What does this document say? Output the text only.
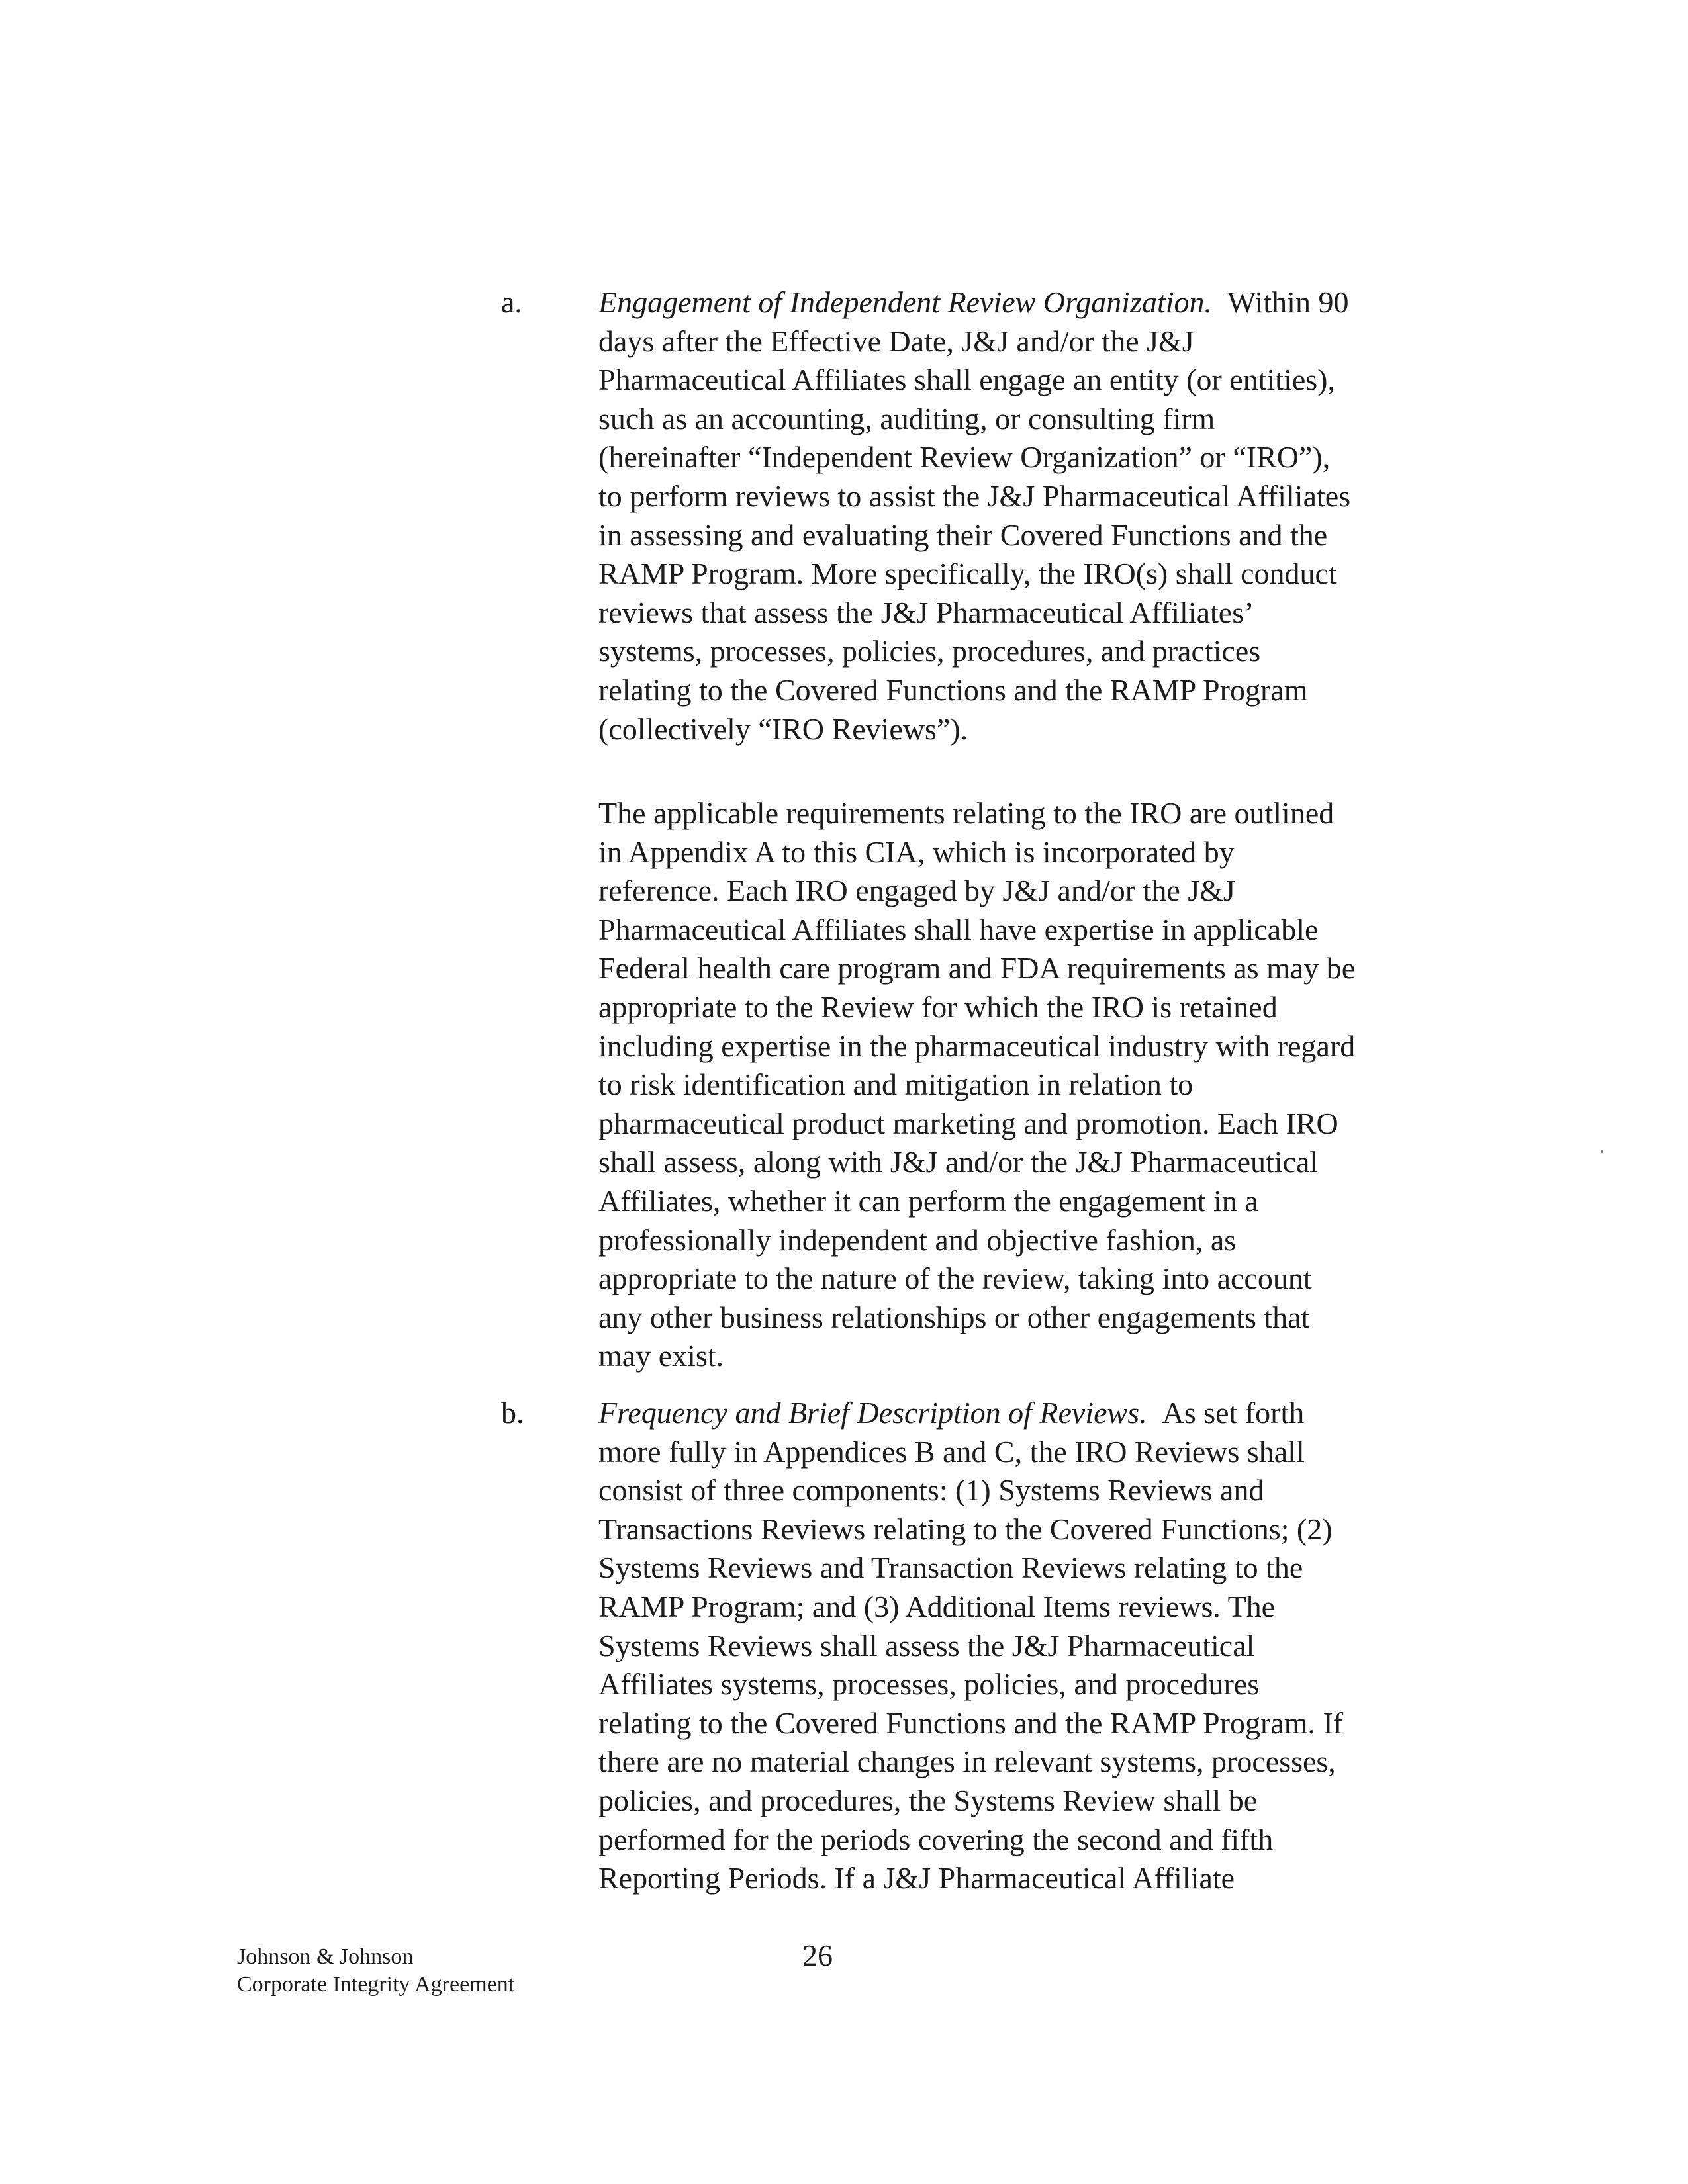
a.	Engagement of Independent Review Organization. Within 90
days after the Effective Date, J&J and/or the J&J
Pharmaceutical Affiliates shall engage an entity (or entities),
such as an accounting, auditing, or consulting firm
(hereinafter “Independent Review Organization” or “IRO”),
to perform reviews to assist the J&J Pharmaceutical Affiliates
in assessing and evaluating their Covered Functions and the
RAMP Program. More specifically, the IRO(s) shall conduct
reviews that assess the J&J Pharmaceutical Affiliates’
systems, processes, policies, procedures, and practices
relating to the Covered Functions and the RAMP Program
(collectively “IRO Reviews”).
The applicable requirements relating to the IRO are outlined
in Appendix A to this CIA, which is incorporated by
reference. Each IRO engaged by J&J and/or the J&J
Pharmaceutical Affiliates shall have expertise in applicable
Federal health care program and FDA requirements as may be
appropriate to the Review for which the IRO is retained
including expertise in the pharmaceutical industry with regard
to risk identification and mitigation in relation to
pharmaceutical product marketing and promotion. Each IRO
shall assess, along with J&J and/or the J&J Pharmaceutical
Affiliates, whether it can perform the engagement in a
professionally independent and objective fashion, as
appropriate to the nature of the review, taking into account
any other business relationships or other engagements that
may exist.
b. Frequency and Brief Description of Reviews. As set forth
more fully in Appendices B and C, the IRO Reviews shall
consist of three components: (1) Systems Reviews and
Transactions Reviews relating to the Covered Functions; (2)
Systems Reviews and Transaction Reviews relating to the
RAMP Program; and (3) Additional Items reviews. The
Systems Reviews shall assess the J&J Pharmaceutical
Affiliates systems, processes, policies, and procedures
relating to the Covered Functions and the RAMP Program. If
there are no material changes in relevant systems, processes,
policies, and procedures, the Systems Review shall be
performed for the periods covering the second and fifth
Reporting Periods. If a J&J Pharmaceutical Affiliate
Johnson & Johnson
Corporate Integrity Agreement
26
